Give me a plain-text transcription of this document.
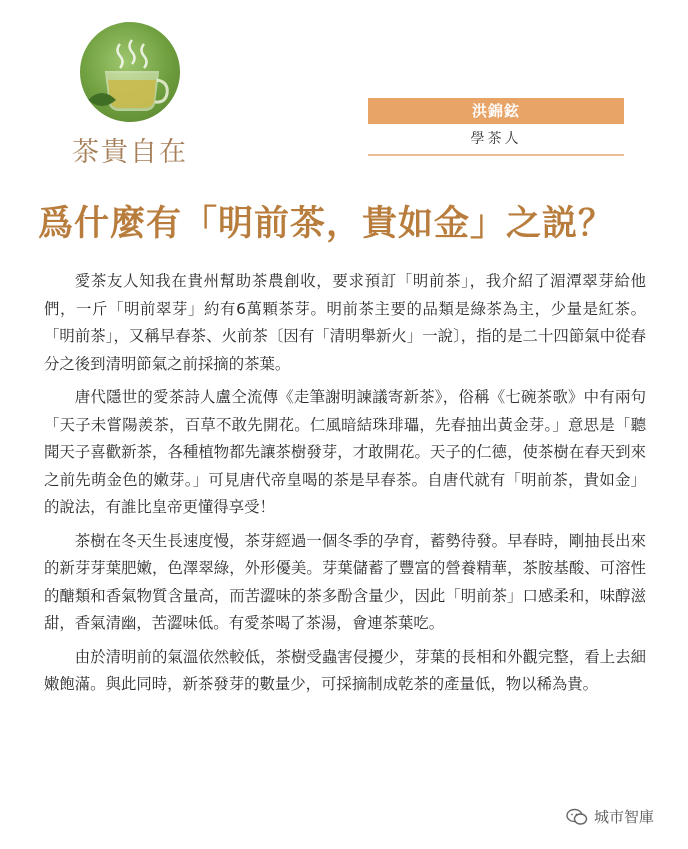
茶貴自在
洪錦鉉
學茶人
爲什麼有「明前茶，貴如金」之説？

愛茶友人知我在貴州幫助茶農創收，要求預訂「明前茶」，我介紹了湄潭翠芽給他們，一斤「明前翠芽」約有6萬顆茶芽。明前茶主要的品類是綠茶為主，少量是紅茶。「明前茶」，又稱早春茶、火前茶〔因有「清明舉新火」一說〕，指的是二十四節氣中從春分之後到清明節氣之前採摘的茶葉。

唐代隱世的愛茶詩人盧仝流傳《走筆謝明諫議寄新茶》，俗稱《七碗茶歌》中有兩句「天子未嘗陽羨茶，百草不敢先開花。仁風暗結珠琲瓃，先春抽出黃金芽。」意思是「聽聞天子喜歡新茶，各種植物都先讓茶樹發芽，才敢開花。天子的仁德，使茶樹在春天到來之前先萌金色的嫩芽。」可見唐代帝皇喝的茶是早春茶。自唐代就有「明前茶，貴如金」的說法，有誰比皇帝更懂得享受！

茶樹在冬天生長速度慢，茶芽經過一個冬季的孕育，蓄勢待發。早春時，剛抽長出來的新芽芽葉肥嫩，色澤翠綠，外形優美。芽葉儲蓄了豐富的營養精華，茶胺基酸、可溶性的醣類和香氣物質含量高，而苦澀味的茶多酚含量少，因此「明前茶」口感柔和，味醇滋甜，香氣清幽，苦澀味低。有愛茶喝了茶湯，會連茶葉吃。

由於清明前的氣溫依然較低，茶樹受蟲害侵擾少，芽葉的長相和外觀完整，看上去細嫩飽滿。與此同時，新茶發芽的數量少，可採摘制成乾茶的產量低，物以稀為貴。

城市智庫
